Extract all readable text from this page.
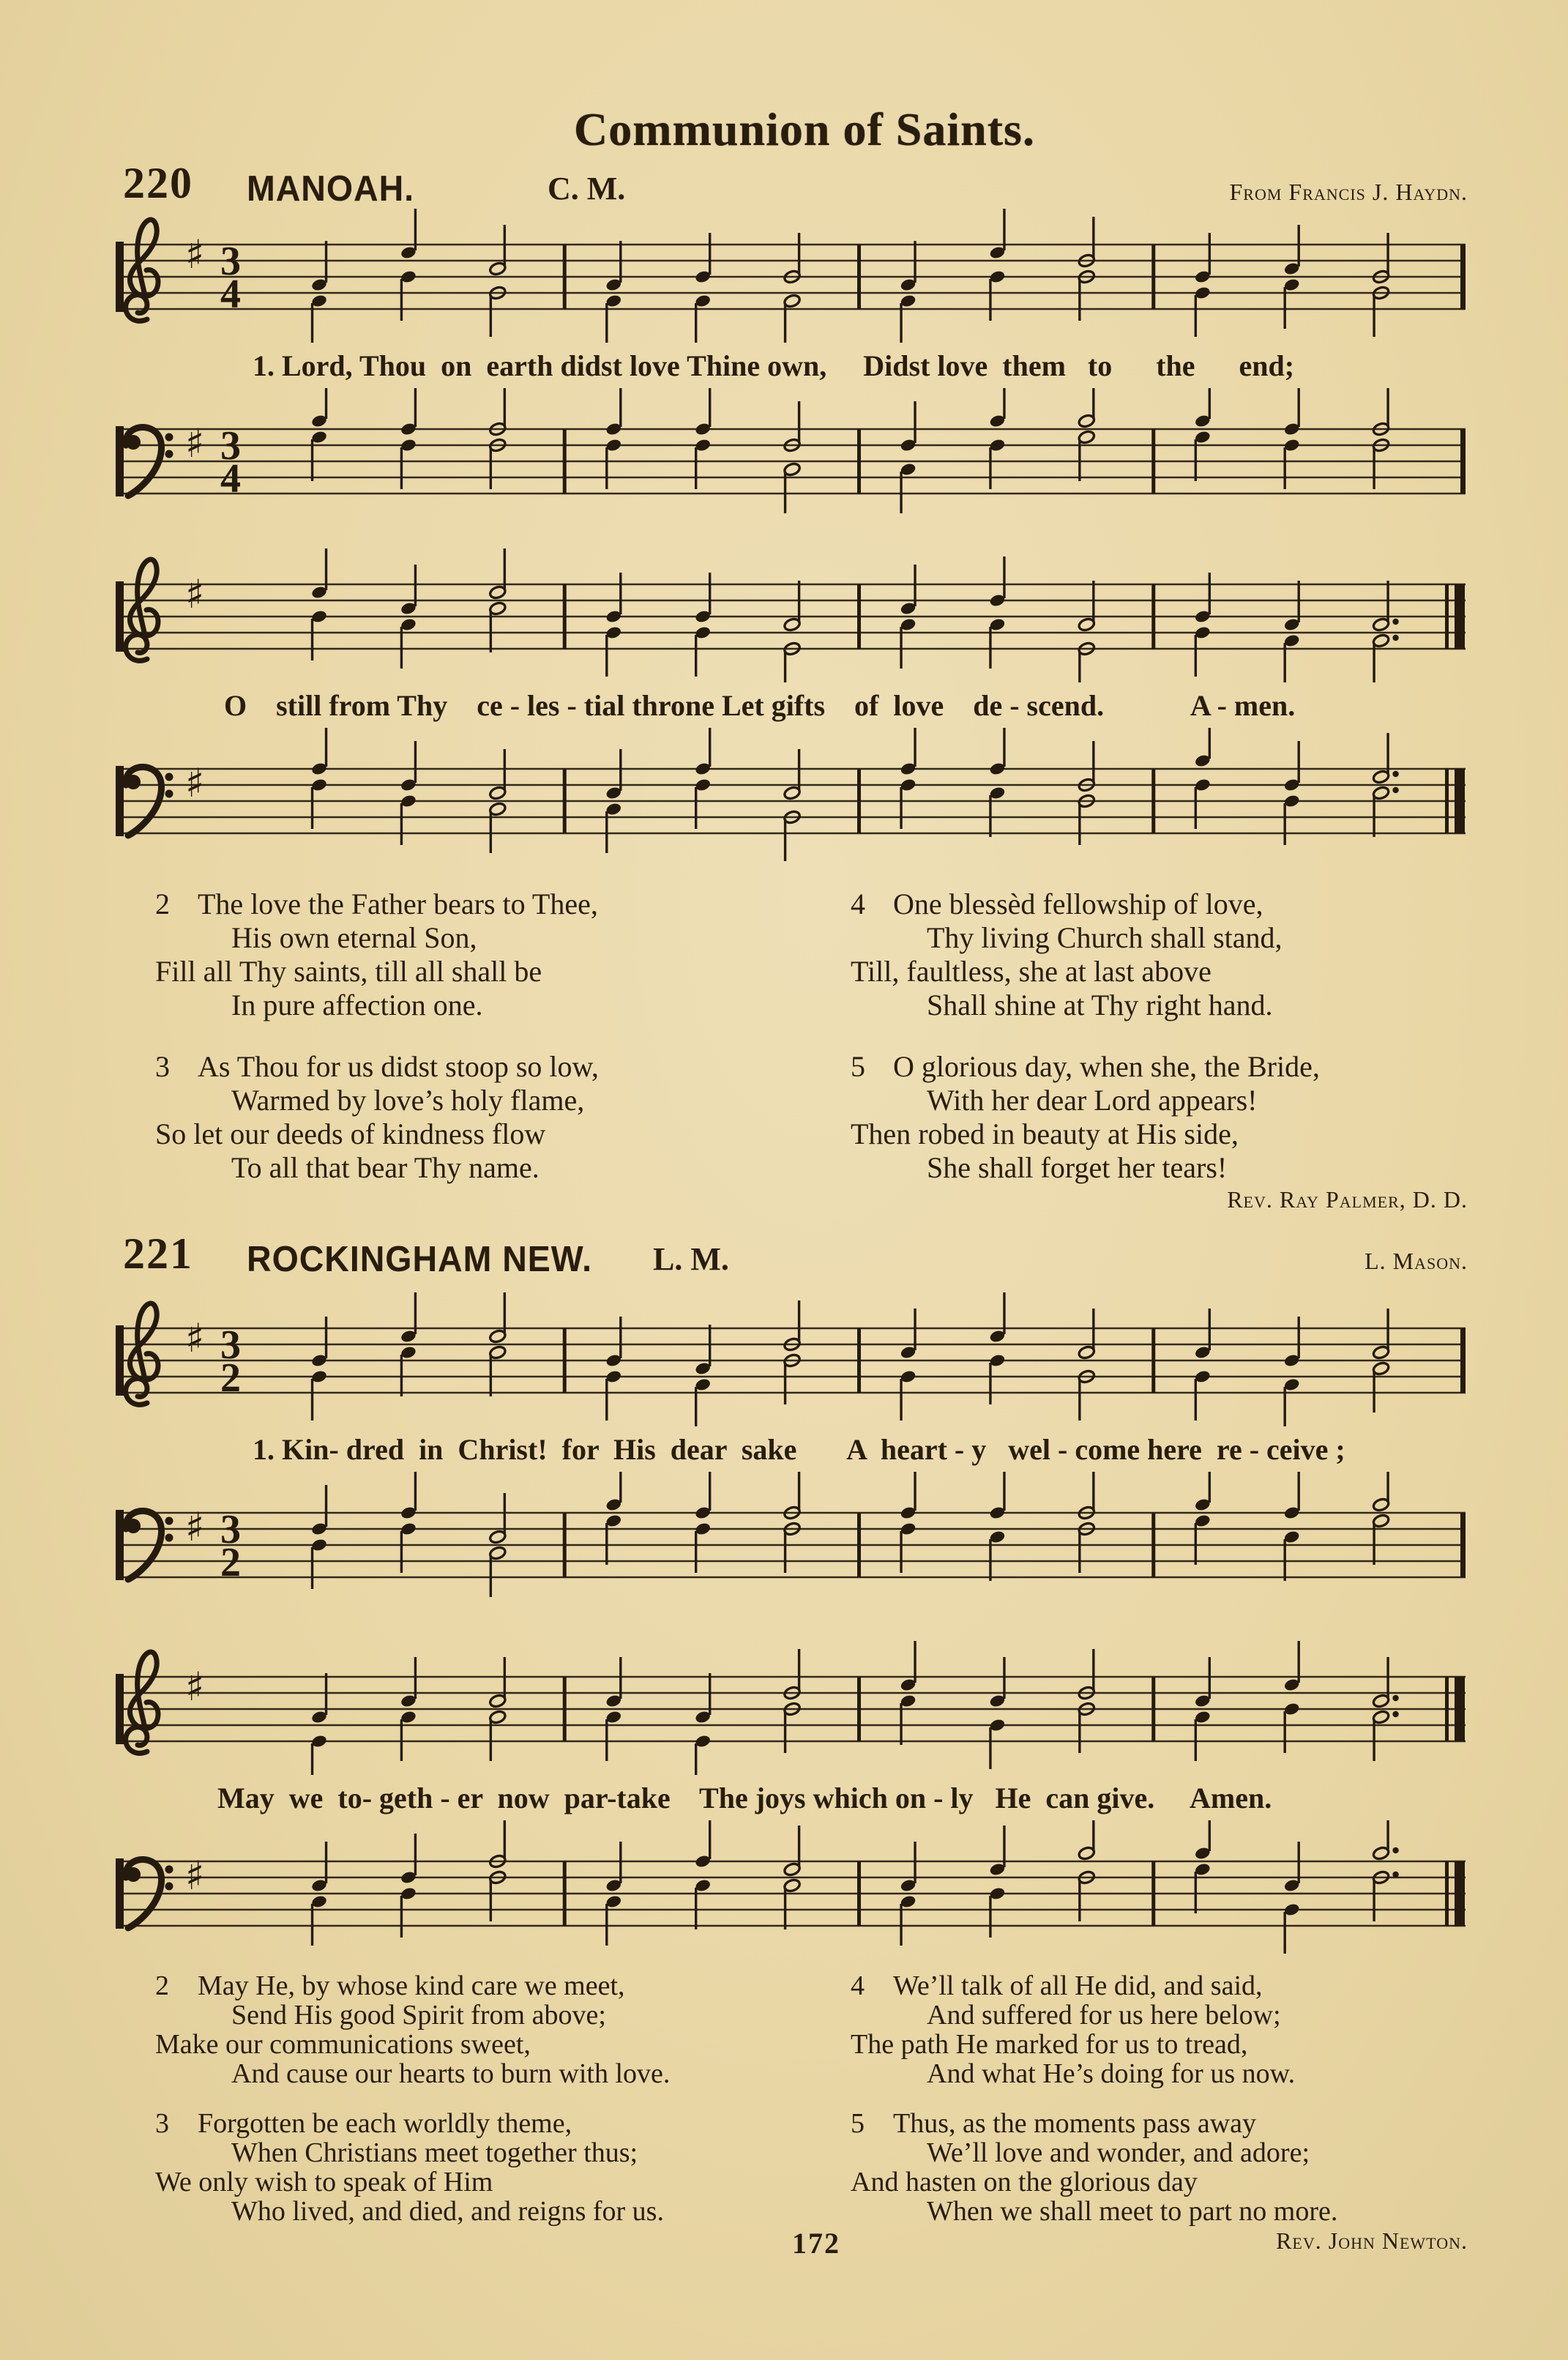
Communion of Saints.
220 MANOAH.	C. M.	From Francis J. Haydn.
♯ 3
4
1. Lord, Thou  on  earth didst love Thine own,     Didst love  them   to      the      end;
♯ 3
4
♯
O    still from Thy    ce - les - tial throne Let gifts    of  love    de - scend.            A - men.
♯
2 The love the Father bears to Thee,
His own eternal Son,
Fill all Thy saints, till all shall be
In pure affection one.
3 As Thou for us didst stoop so low,
Warmed by love’s holy flame,
So let our deeds of kindness flow
To all that bear Thy name.
4 One blessèd fellowship of love,
Thy living Church shall stand,
Till, faultless, she at last above
Shall shine at Thy right hand.
5 O glorious day, when she, the Bride,
With her dear Lord appears!
Then robed in beauty at His side,
She shall forget her tears!
Rev. Ray Palmer, D. D.
221 ROCKINGHAM NEW. L. M.	L. Mason.
♯ 3
2
1. Kin- dred  in  Christ!  for  His  dear  sake       A  heart - y   wel - come here  re - ceive ;
♯ 3
2
♯
May  we  to- geth - er  now  par-take    The joys which on - ly   He  can give.     Amen.
♯
2 May He, by whose kind care we meet,
Send His good Spirit from above;
Make our communications sweet,
And cause our hearts to burn with love.
3 Forgotten be each worldly theme,
When Christians meet together thus;
We only wish to speak of Him
Who lived, and died, and reigns for us.
4 We’ll talk of all He did, and said,
And suffered for us here below;
The path He marked for us to tread,
And what He’s doing for us now.
5 Thus, as the moments pass away
We’ll love and wonder, and adore;
And hasten on the glorious day
When we shall meet to part no more.
172	Rev. John Newton.
